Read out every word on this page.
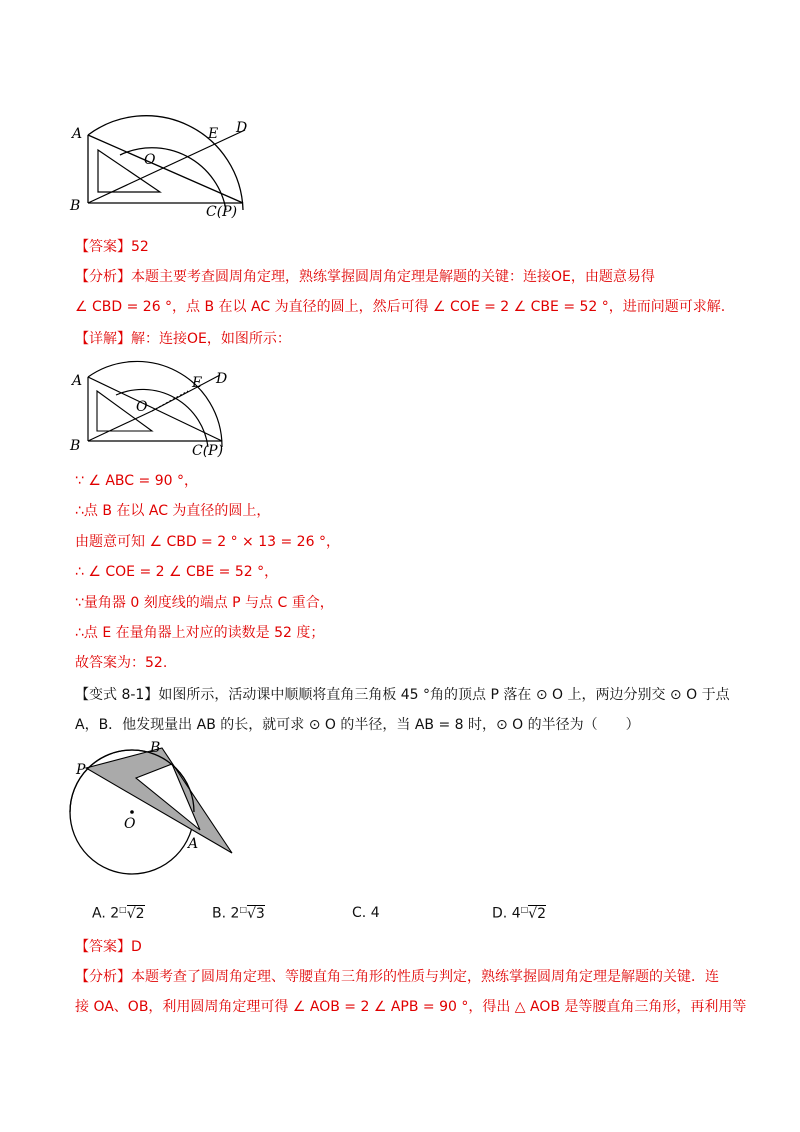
A
O
E D
B	C(P)
【答案】52
【分析】本题主要考查圆周角定理，熟练掌握圆周角定理是解题的关键：连接OE，由题意易得
∠ CBD = 26 °，点 B 在以 AC 为直径的圆上，然后可得 ∠ COE = 2 ∠ CBE = 52 °，进而问题可求解.
【详解】解：连接OE，如图所示：
A
O
E D
B	C(P)
∵ ∠ ABC = 90 °，
∴点 B 在以 AC 为直径的圆上，
由题意可知 ∠ CBD = 2 ° × 13 = 26 °，
∴ ∠ COE = 2 ∠ CBE = 52 °，
∵量角器 0 刻度线的端点 P 与点 C 重合，
∴点 E 在量角器上对应的读数是 52 度；
故答案为：52.
【变式 8-1】如图所示，活动课中顺顺将直角三角板 45 °角的顶点 P 落在 ⊙ O 上，两边分别交 ⊙ O 于点
A，B．他发现量出 AB 的长，就可求 ⊙ O 的半径，当 AB = 8 时，⊙ O 的半径为（　　）
P
B
O
A
A. 2□√2	B. 2□√3	C. 4	D. 4□√2
【答案】D
【分析】本题考查了圆周角定理、等腰直角三角形的性质与判定，熟练掌握圆周角定理是解题的关键．连
接 OA、OB，利用圆周角定理可得 ∠ AOB = 2 ∠ APB = 90 °，得出 △ AOB 是等腰直角三角形，再利用等
